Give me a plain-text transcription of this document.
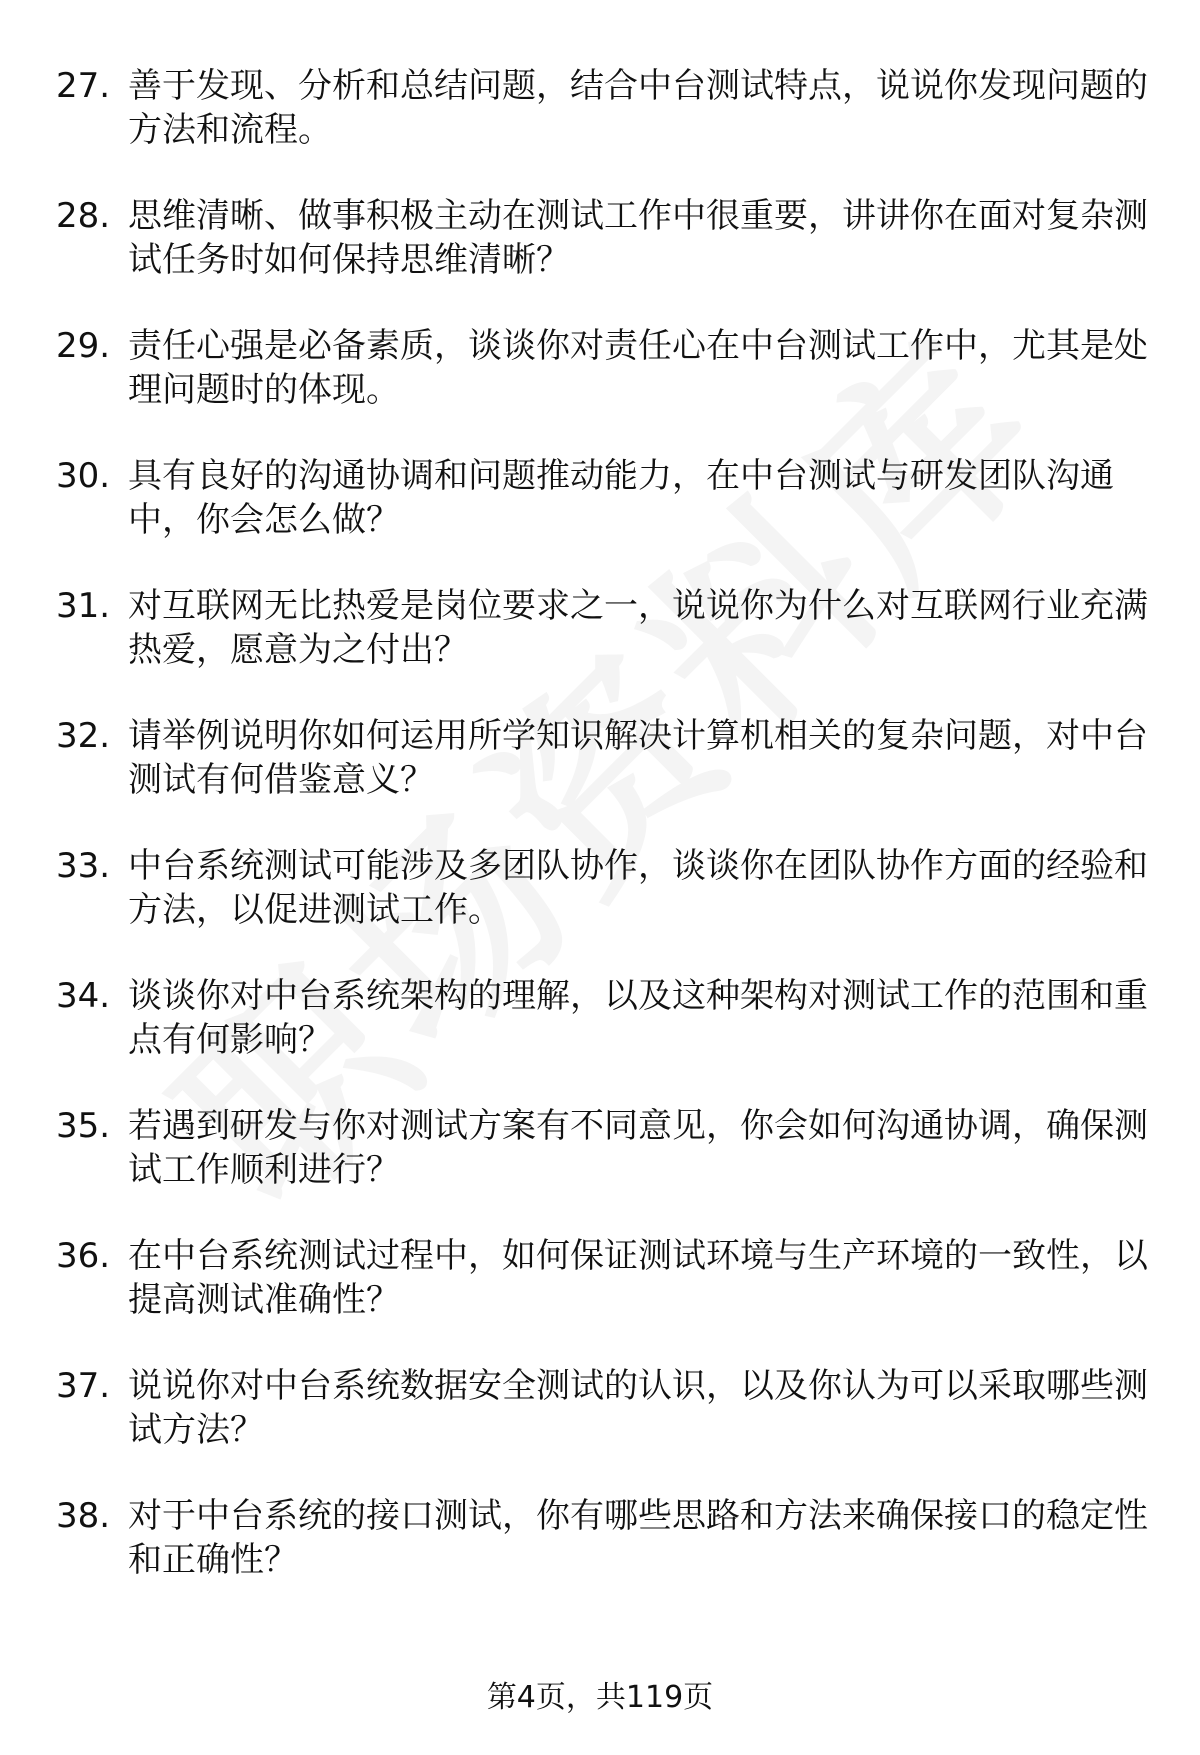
27. 善于发现、分析和总结问题，结合中台测试特点，说说你发现问题的方法和流程。
28. 思维清晰、做事积极主动在测试工作中很重要，讲讲你在面对复杂测试任务时如何保持思维清晰？
29. 责任心强是必备素质，谈谈你对责任心在中台测试工作中，尤其是处理问题时的体现。
30. 具有良好的沟通协调和问题推动能力，在中台测试与研发团队沟通中，你会怎么做？
31. 对互联网无比热爱是岗位要求之一，说说你为什么对互联网行业充满热爱，愿意为之付出？
32. 请举例说明你如何运用所学知识解决计算机相关的复杂问题，对中台测试有何借鉴意义？
33. 中台系统测试可能涉及多团队协作，谈谈你在团队协作方面的经验和方法，以促进测试工作。
34. 谈谈你对中台系统架构的理解，以及这种架构对测试工作的范围和重点有何影响？
35. 若遇到研发与你对测试方案有不同意见，你会如何沟通协调，确保测试工作顺利进行？
36. 在中台系统测试过程中，如何保证测试环境与生产环境的一致性，以提高测试准确性？
37. 说说你对中台系统数据安全测试的认识，以及你认为可以采取哪些测试方法？
38. 对于中台系统的接口测试，你有哪些思路和方法来确保接口的稳定性和正确性？
第4页，共119页
